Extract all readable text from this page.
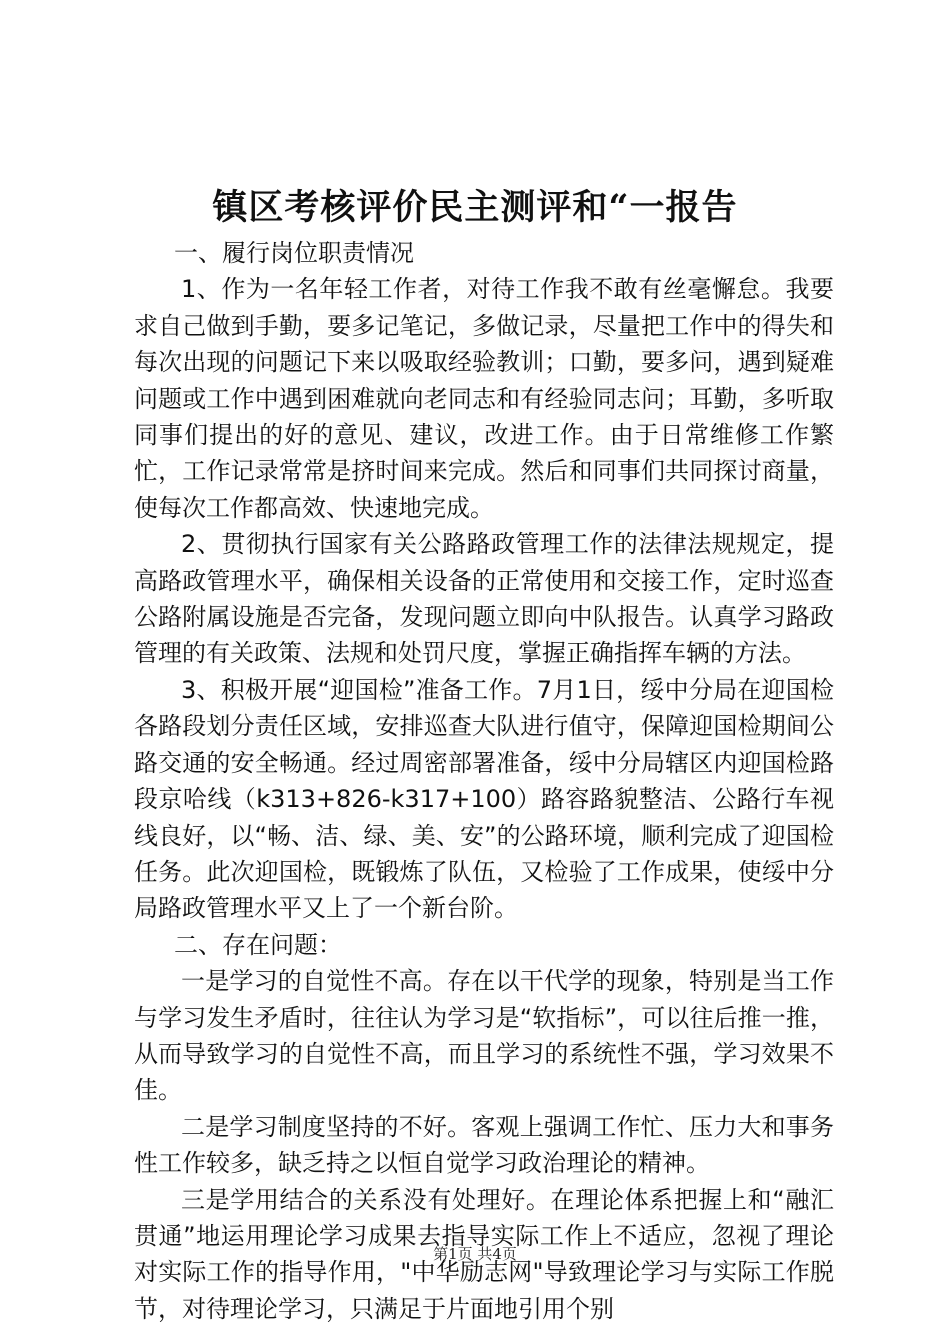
镇区考核评价民主测评和“一报告

一、履行岗位职责情况

1、作为一名年轻工作者，对待工作我不敢有丝毫懈怠。我要求自己做到手勤，要多记笔记，多做记录，尽量把工作中的得失和每次出现的问题记下来以吸取经验教训；口勤，要多问，遇到疑难问题或工作中遇到困难就向老同志和有经验同志问；耳勤，多听取同事们提出的好的意见、建议，改进工作。由于日常维修工作繁忙，工作记录常常是挤时间来完成。然后和同事们共同探讨商量，使每次工作都高效、快速地完成。

2、贯彻执行国家有关公路路政管理工作的法律法规规定，提高路政管理水平，确保相关设备的正常使用和交接工作，定时巡查公路附属设施是否完备，发现问题立即向中队报告。认真学习路政管理的有关政策、法规和处罚尺度，掌握正确指挥车辆的方法。

3、积极开展“迎国检”准备工作。7月1日，绥中分局在迎国检各路段划分责任区域，安排巡查大队进行值守，保障迎国检期间公路交通的安全畅通。经过周密部署准备，绥中分局辖区内迎国检路段京哈线（k313+826-k317+100）路容路貌整洁、公路行车视线良好，以“畅、洁、绿、美、安”的公路环境，顺利完成了迎国检任务。此次迎国检，既锻炼了队伍，又检验了工作成果，使绥中分局路政管理水平又上了一个新台阶。

二、存在问题：

一是学习的自觉性不高。存在以干代学的现象，特别是当工作与学习发生矛盾时，往往认为学习是“软指标”，可以往后推一推，从而导致学习的自觉性不高，而且学习的系统性不强，学习效果不佳。

二是学习制度坚持的不好。客观上强调工作忙、压力大和事务性工作较多，缺乏持之以恒自觉学习政治理论的精神。

三是学用结合的关系没有处理好。在理论体系把握上和“融汇贯通”地运用理论学习成果去指导实际工作上不适应，忽视了理论对实际工作的指导作用，"中华励志网"导致理论学习与实际工作脱节，对待理论学习，只满足于片面地引用个别

第1页 共4页
